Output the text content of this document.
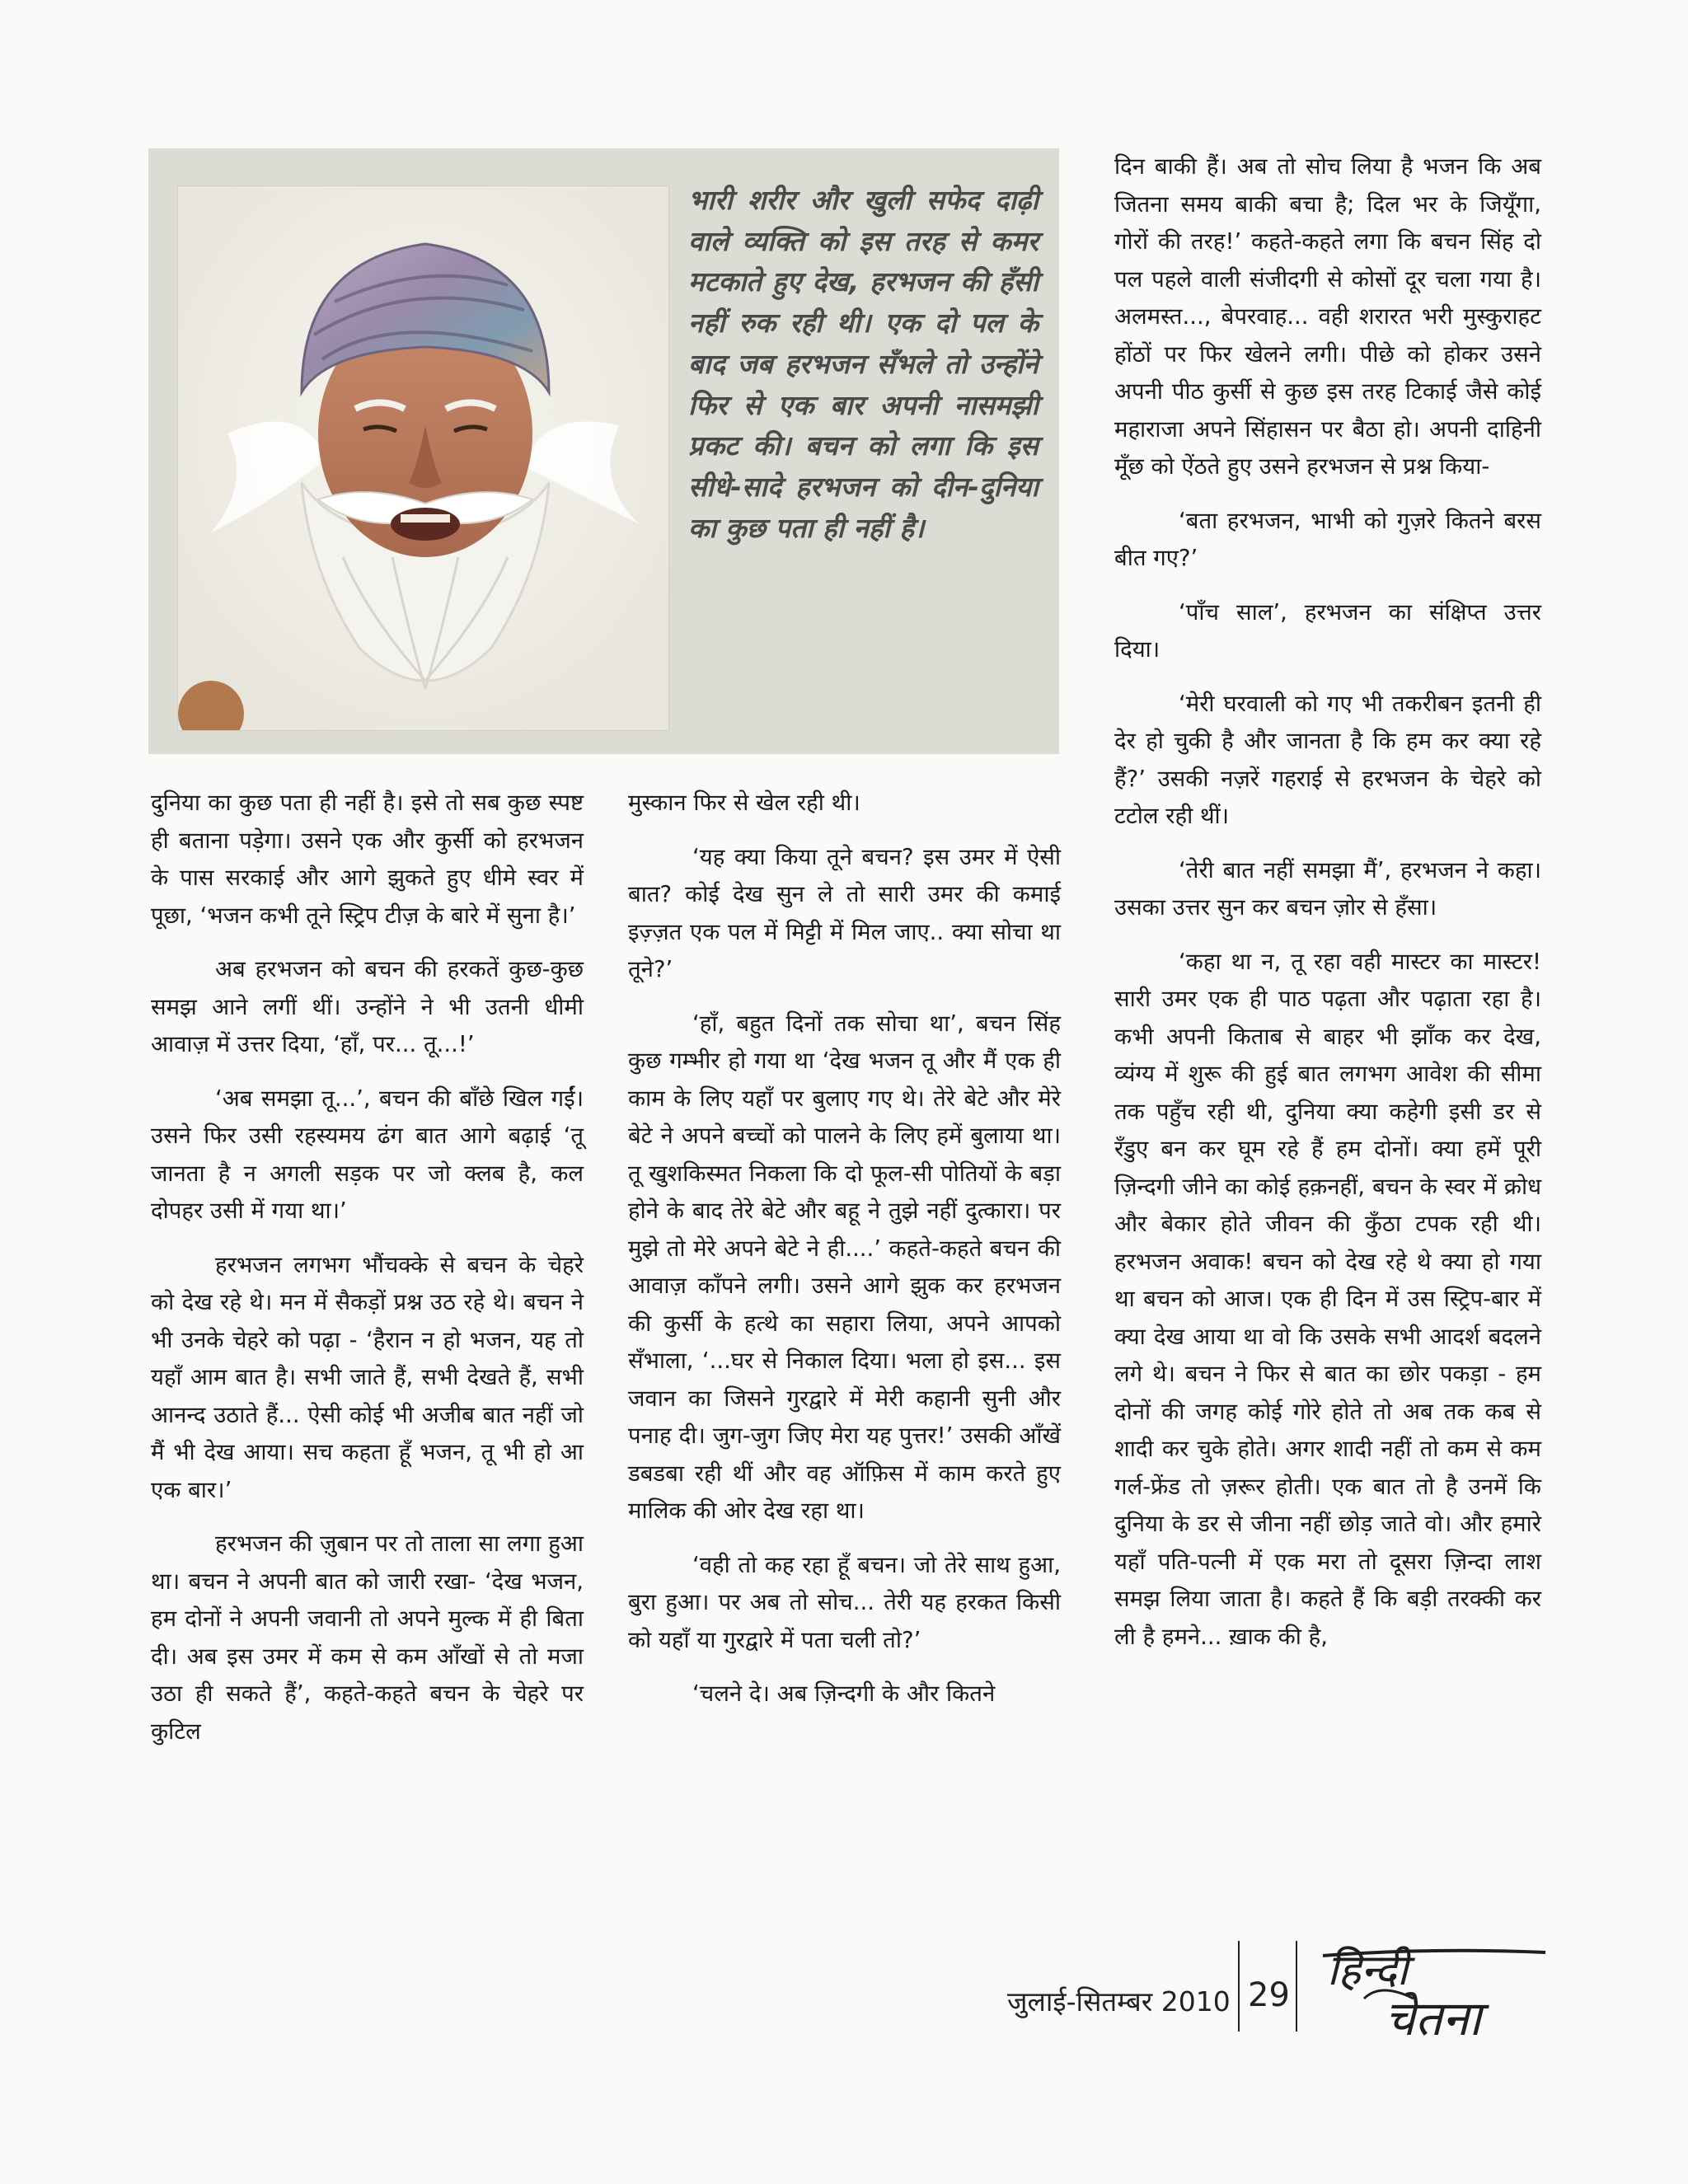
भारी शरीर और खुली सफेद दाढ़ी वाले व्यक्ति को इस तरह से कमर मटकाते हुए देख, हरभजन की हँसी नहीं रुक रही थी। एक दो पल के बाद जब हरभजन सँभले तो उन्होंने फिर से एक बार अपनी नासमझी प्रकट की। बचन को लगा कि इस सीधे-सादे हरभजन को दीन-दुनिया का कुछ पता ही नहीं है।

दुनिया का कुछ पता ही नहीं है। इसे तो सब कुछ स्पष्ट ही बताना पड़ेगा। उसने एक और कुर्सी को हरभजन के पास सरकाई और आगे झुकते हुए धीमे स्वर में पूछा, ‘भजन कभी तूने स्ट्रिप टीज़ के बारे में सुना है।’

अब हरभजन को बचन की हरकतें कुछ-कुछ समझ आने लगीं थीं। उन्होंने ने भी उतनी धीमी आवाज़ में उत्तर दिया, ‘हाँ, पर... तू...!’

‘अब समझा तू...’, बचन की बाँछे खिल गईं। उसने फिर उसी रहस्यमय ढंग बात आगे बढ़ाई ‘तू जानता है न अगली सड़क पर जो क्लब है, कल दोपहर उसी में गया था।’

हरभजन लगभग भौंचक्के से बचन के चेहरे को देख रहे थे। मन में सैकड़ों प्रश्न उठ रहे थे। बचन ने भी उनके चेहरे को पढ़ा - ‘हैरान न हो भजन, यह तो यहाँ आम बात है। सभी जाते हैं, सभी देखते हैं, सभी आनन्द उठाते हैं... ऐसी कोई भी अजीब बात नहीं जो मैं भी देख आया। सच कहता हूँ भजन, तू भी हो आ एक बार।’

हरभजन की ज़ुबान पर तो ताला सा लगा हुआ था। बचन ने अपनी बात को जारी रखा- ‘देख भजन, हम दोनों ने अपनी जवानी तो अपने मुल्क में ही बिता दी। अब इस उमर में कम से कम आँखों से तो मजा उठा ही सकते हैं’, कहते-कहते बचन के चेहरे पर कुटिल

मुस्कान फिर से खेल रही थी।

‘यह क्या किया तूने बचन? इस उमर में ऐसी बात? कोई देख सुन ले तो सारी उमर की कमाई इज़्ज़त एक पल में मिट्टी में मिल जाए.. क्या सोचा था तूने?’

‘हाँ, बहुत दिनों तक सोचा था’, बचन सिंह कुछ गम्भीर हो गया था ‘देख भजन तू और मैं एक ही काम के लिए यहाँ पर बुलाए गए थे। तेरे बेटे और मेरे बेटे ने अपने बच्चों को पालने के लिए हमें बुलाया था। तू खुशकिस्मत निकला कि दो फूल-सी पोतियों के बड़ा होने के बाद तेरे बेटे और बहू ने तुझे नहीं दुत्कारा। पर मुझे तो मेरे अपने बेटे ने ही....’ कहते-कहते बचन की आवाज़ काँपने लगी। उसने आगे झुक कर हरभजन की कुर्सी के हत्थे का सहारा लिया, अपने आपको सँभाला, ‘...घर से निकाल दिया। भला हो इस... इस जवान का जिसने गुरद्वारे में मेरी कहानी सुनी और पनाह दी। जुग-जुग जिए मेरा यह पुत्तर!’ उसकी आँखें डबडबा रही थीं और वह ऑफ़िस में काम करते हुए मालिक की ओर देख रहा था।

‘वही तो कह रहा हूँ बचन। जो तेरे साथ हुआ, बुरा हुआ। पर अब तो सोच... तेरी यह हरकत किसी को यहाँ या गुरद्वारे में पता चली तो?’

‘चलने दे। अब ज़िन्दगी के और कितने

दिन बाकी हैं। अब तो सोच लिया है भजन कि अब जितना समय बाकी बचा है; दिल भर के जियूँगा, गोरों की तरह!’ कहते-कहते लगा कि बचन सिंह दो पल पहले वाली संजीदगी से कोसों दूर चला गया है। अलमस्त..., बेपरवाह... वही शरारत भरी मुस्कुराहट होंठों पर फिर खेलने लगी। पीछे को होकर उसने अपनी पीठ कुर्सी से कुछ इस तरह टिकाई जैसे कोई महाराजा अपने सिंहासन पर बैठा हो। अपनी दाहिनी मूँछ को ऐंठते हुए उसने हरभजन से प्रश्न किया-

‘बता हरभजन, भाभी को गुज़रे कितने बरस बीत गए?’

‘पाँच साल’, हरभजन का संक्षिप्त उत्तर दिया।

‘मेरी घरवाली को गए भी तकरीबन इतनी ही देर हो चुकी है और जानता है कि हम कर क्या रहे हैं?’ उसकी नज़रें गहराई से हरभजन के चेहरे को टटोल रही थीं।

‘तेरी बात नहीं समझा मैं’, हरभजन ने कहा। उसका उत्तर सुन कर बचन ज़ोर से हँसा।

‘कहा था न, तू रहा वही मास्टर का मास्टर! सारी उमर एक ही पाठ पढ़ता और पढ़ाता रहा है। कभी अपनी किताब से बाहर भी झाँक कर देख, व्यंग्य में शुरू की हुई बात लगभग आवेश की सीमा तक पहुँच रही थी, दुनिया क्या कहेगी इसी डर से रँडुए बन कर घूम रहे हैं हम दोनों। क्या हमें पूरी ज़िन्दगी जीने का कोई हक़नहीं, बचन के स्वर में क्रोध और बेकार होते जीवन की कुँठा टपक रही थी। हरभजन अवाक! बचन को देख रहे थे क्या हो गया था बचन को आज। एक ही दिन में उस स्ट्रिप-बार में क्या देख आया था वो कि उसके सभी आदर्श बदलने लगे थे। बचन ने फिर से बात का छोर पकड़ा - हम दोनों की जगह कोई गोरे होते तो अब तक कब से शादी कर चुके होते। अगर शादी नहीं तो कम से कम गर्ल-फ्रेंड तो ज़रूर होती। एक बात तो है उनमें कि दुनिया के डर से जीना नहीं छोड़ जाते वो। और हमारे यहाँ पति-पत्नी में एक मरा तो दूसरा ज़िन्दा लाश समझ लिया जाता है। कहते हैं कि बड़ी तरक्की कर ली है हमने... ख़ाक की है,

जुलाई-सितम्बर 2010 29 हिन्दी
चेतना
